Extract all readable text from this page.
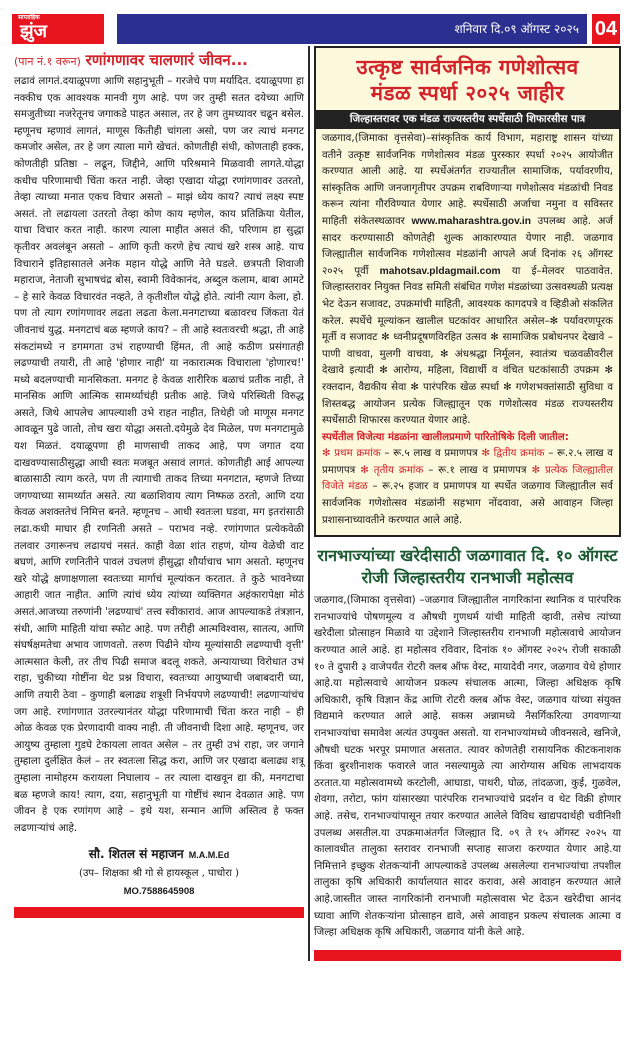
साप्ताहिक
झुंज	शनिवार दि.०९ ऑगस्ट २०२५ 04
(पान नं.१ वरून) रणांगणावर चालणारं जीवन...
लढावं लागतं.दयाळूपणा आणि सहानुभूती – गरजेचे पण मर्यादित. दयाळूपणा हा नक्कीच एक आवश्यक मानवी गुण आहे. पण जर तुम्ही सतत दयेच्या आणि समजुतीच्या नजरेतूनच जगाकडे पाहत असाल, तर हे जग तुमच्यावर चढून बसेल. म्हणूनच म्हणावं लागतं, माणूस कितीही चांगला असो, पण जर त्याचं मनगट कमजोर असेल, तर हे जग त्याला मागे खेचतं. कोणतीही संधी, कोणताही हक्क, कोणतीही प्रतिष्ठा – लढून, जिद्दीने, आणि परिश्रमाने मिळवावी लागते.योद्धा कधीच परिणामाची चिंता करत नाही. जेव्हा एखादा योद्धा रणांगणावर उतरतो, तेव्हा त्याच्या मनात एकच विचार असतो – माझं ध्येय काय? त्याचं लक्ष्य स्पष्ट असतं. तो लढायला उतरतो तेव्हा कोण काय म्हणेल, काय प्रतिक्रिया येतील, याचा विचार करत नाही. कारण त्याला माहीत असतं की, परिणाम हा सुद्धा कृतीवर अवलंबून असतो – आणि कृती करणे हेच त्याचं खरे शस्त्र आहे. याच विचाराने इतिहासातले अनेक महान योद्धे आणि नेते घडले. छत्रपती शिवाजी महाराज, नेताजी सुभाषचंद्र बोस, स्वामी विवेकानंद, अब्दुल कलाम, बाबा आमटे – हे सारे केवळ विचारवंत नव्हते, ते कृतीशील योद्धे होते. त्यांनी त्याग केला, हो. पण तो त्याग रणांगणावर लढता लढता केला.मनगटाच्या बळावरच जिंकता येतं जीवनाचं युद्ध. मनगटाचं बळ म्हणजे काय? – ती आहे स्वतःवरची श्रद्धा, ती आहे संकटांमध्ये न डगमगता उभं राहण्याची हिंमत, ती आहे कठीण प्रसंगातही लढण्याची तयारी, ती आहे 'होणार नाही' या नकारात्मक विचाराला 'होणारच!' मध्ये बदलण्याची मानसिकता. मनगट हे केवळ शारीरिक बळाचं प्रतीक नाही, ते मानसिक आणि आत्मिक सामर्थ्याचंही प्रतीक आहे. जिथे परिस्थिती विरुद्ध असते, जिथे आपलेच आपल्याशी उभे राहत नाहीत, तिथेही जो माणूस मनगट आवळून पुढे जातो, तोच खरा योद्धा असतो.दयेमुळे देव मिळेल, पण मनगटामुळे यश मिळतं. दयाळूपणा ही माणसाची ताकद आहे, पण जगात दया दाखवण्यासाठीसुद्धा आधी स्वतः मजबूत असावं लागतं. कोणतीही आई आपल्या बाळासाठी त्याग करते, पण ती त्यागाची ताकद तिच्या मनगटात, म्हणजे तिच्या जगण्याच्या सामर्थ्यात असते. त्या बळाशिवाय त्याग निष्फळ ठरतो, आणि दया केवळ अशक्ततेचं निमित्त बनते. म्हणूनच – आधी स्वतःला घडवा, मग इतरांसाठी लढा.कधी माघार ही रणनिती असते – पराभव नव्हे. रणांगणात प्रत्येकवेळी तलवार उगारूनच लढायचं नसतं. काही वेळा शांत राहणं, योग्य वेळेची वाट बघणं, आणि रणनितीने पावलं उचलणं हीसुद्धा शौर्याचाच भाग असतो. म्हणूनच खरे योद्धे क्षणाक्षणाला स्वतःच्या मार्गाचं मूल्यांकन करतात. ते कुठे भावनेच्या आहारी जात नाहीत. आणि त्यांचं ध्येय त्यांच्या व्यक्तिगत अहंकारापेक्षा मोठं असतं.आजच्या तरुणांनी 'लढण्याचं' तत्त्व स्वीकारावं. आज आपल्याकडे तंत्रज्ञान, संधी, आणि माहिती यांचा स्फोट आहे. पण तरीही आत्मविश्वास, सातत्य, आणि संघर्षक्षमतेचा अभाव जाणवतो. तरुण पिढीने योग्य मूल्यांसाठी लढण्याची वृत्ती' आत्मसात केली, तर तीच पिढी समाज बदलू शकते. अन्यायाच्या विरोधात उभं राहा, चुकीच्या गोष्टींना थेट प्रश्न विचारा, स्वतःच्या आयुष्याची जबाबदारी घ्या, आणि तयारी ठेवा – कुणाही बलाढ्य शत्रूशी निर्भयपणे लढण्याची! लढणाऱ्यांचंच जग आहे. रणांगणात उतरल्यानंतर योद्धा परिणामाची चिंता करत नाही – ही ओळ केवळ एक प्रेरणादायी वाक्य नाही. ती जीवनाची दिशा आहे. म्हणूनच, जर आयुष्य तुम्हाला गुडघे टेकायला लावत असेल – तर तुम्ही उभं राहा, जर जगाने तुम्हाला दुर्लक्षित केलं – तर स्वतःला सिद्ध करा, आणि जर एखादा बलाढ्य शत्रू तुम्हाला नामोहरम करायला निघालाय – तर त्याला दाखवून द्या की, मनगटाचा बळ म्हणजे काय! त्याग, दया, सहानुभूती या गोष्टींचं स्थान देवळात आहे. पण जीवन हे एक रणांगण आहे – इथे यश, सन्मान आणि अस्तित्व हे फक्त लढणाऱ्यांचं आहे.
सौ. शितल सं महाजन M.A.M.Ed
(उप– शिक्षका श्री गो से हायस्कूल , पाचोरा )
MO.7588645908
उत्कृष्ट सार्वजनिक गणेशोत्सव
मंडळ स्पर्धा २०२५ जाहीर
जिल्हास्तरावर एक मंडळ राज्यस्तरीय स्पर्धेसाठी शिफारसीस पात्र
जळगाव,(जिमाका वृत्तसेवा)–सांस्कृतिक कार्य विभाग, महाराष्ट्र शासन यांच्या वतीने उत्कृष्ट सार्वजनिक गणेशोत्सव मंडळ पुरस्कार स्पर्धा २०२५ आयोजीत करण्यात आली आहे. या स्पर्धेअंतर्गत राज्यातील सामाजिक, पर्यावरणीय, सांस्कृतिक आणि जनजागृतीपर उपक्रम राबविणाऱ्या गणेशोत्सव मंडळांची निवड करून त्यांना गौरविण्यात येणार आहे. स्पर्धेसाठी अर्जाचा नमुना व सविस्तर माहिती संकेतस्थळावर www.maharashtra.gov.in उपलब्ध आहे. अर्ज सादर करण्यासाठी कोणतेही शुल्क आकारण्यात येणार नाही. जळगाव जिल्ह्यातील सार्वजनिक गणेशोत्सव मंडळांनी आपले अर्ज दिनांक २६ ऑगस्ट २०२५ पूर्वी mahotsav.pldagmail.com या ई–मेलवर पाठवावेत. जिल्हास्तरावर नियुक्त निवड समिती संबंधित गणेश मंडळांच्या उत्सवस्थळी प्रत्यक्ष भेट देऊन सजावट, उपक्रमांची माहिती, आवश्यक कागदपत्रे व व्हिडीओ संकलित करेल. स्पर्धेचे मूल्यांकन खालील घटकांवर आधारित असेल–✻ पर्यावरणपूरक मूर्ती व सजावट ✻ ध्वनीप्रदूषणविरहित उत्सव ✻ सामाजिक प्रबोधनपर देखावे – पाणी वाचवा, मुलगी वाचवा, ✻ अंधश्रद्धा निर्मूलन, स्वातंत्र्य चळवळीवरील देखावे इत्यादी ✻ आरोग्य, महिला, विद्यार्थी व वंचित घटकांसाठी उपक्रम ✻ रक्तदान, वैद्यकीय सेवा ✻ पारंपरिक खेळ स्पर्धा ✻ गणेशभक्तांसाठी सुविधा व शिस्तबद्ध आयोजन प्रत्येक जिल्ह्यातून एक गणेशोत्सव मंडळ राज्यस्तरीय स्पर्धेसाठी शिफारस करण्यात येणार आहे.
स्पर्धेतील विजेत्या मंडळांना खालीलप्रमाणे पारितोषिके दिली जातील:
✻ प्रथम क्रमांक – रू.५ लाख व प्रमाणपत्र ✻ द्वितीय क्रमांक – रू.२.५ लाख व प्रमाणपत्र ✻ तृतीय क्रमांक – रू.१ लाख व प्रमाणपत्र ✻ प्रत्येक जिल्ह्यातील विजेते मंडळ – रू.२५ हजार व प्रमाणपत्र या स्पर्धेत जळगाव जिल्ह्यातील सर्व सार्वजनिक गणेशोत्सव मंडळांनी सहभाग नोंदवावा, असे आवाहन जिल्हा प्रशासनाच्यावतीने करण्यात आले आहे.
रानभाज्यांच्या खरेदीसाठी जळगावात दि. १० ऑगस्ट
रोजी जिल्हास्तरीय रानभाजी महोत्सव
जळगाव,(जिमाका वृत्तसेवा) –जळगाव जिल्ह्यातील नागरिकांना स्थानिक व पारंपरिक रानभाज्यांचे पोषणमूल्य व औषधी गुणधर्म यांची माहिती व्हावी, तसेच त्यांच्या खरेदीला प्रोत्साहन मिळावे या उद्देशाने जिल्हास्तरीय रानभाजी महोत्सवाचे आयोजन करण्यात आले आहे. हा महोत्सव रविवार, दिनांक १० ऑगस्ट २०२५ रोजी सकाळी १० ते दुपारी ३ वाजेपर्यंत रोटरी क्लब ऑफ वेस्ट, मायादेवी नगर, जळगाव येथे होणार आहे.या महोत्सवाचे आयोजन प्रकल्प संचालक आत्मा, जिल्हा अधिक्षक कृषि अधिकारी, कृषि विज्ञान केंद्र आणि रोटरी क्लब ऑफ वेस्ट, जळगाव यांच्या संयुक्त विद्यमाने करण्यात आले आहे. सकस अन्नामध्ये नैसर्गिकरित्या उगवणाऱ्या रानभाज्यांचा समावेश अत्यंत उपयुक्त असतो. या रानभाज्यांमध्ये जीवनसत्वे, खनिजे, औषधी घटक भरपूर प्रमाणात असतात. त्यावर कोणतेही रासायनिक कीटकनाशक किंवा बुरशीनाशक फवारले जात नसल्यामुळे त्या आरोग्यास अधिक लाभदायक ठरतात.या महोत्सवामध्ये करटोली, आघाडा, पाथरी, घोळ, तांदळजा, कुई, गुळवेल, शेवगा, तरोटा, फांग यांसारख्या पारंपरिक रानभाज्यांचे प्रदर्शन व थेट विक्री होणार आहे. तसेच, रानभाज्यांपासून तयार करण्यात आलेले विविध खाद्यपदार्थही चवीनिशी उपलब्ध असतील.या उपक्रमाअंतर्गत जिल्ह्यात दि. ०९ ते १५ ऑगस्ट २०२५ या कालावधीत तालुका स्तरावर रानभाजी सप्ताह साजरा करण्यात येणार आहे.या निमित्ताने इच्छुक शेतकऱ्यांनी आपल्याकडे उपलब्ध असलेल्या रानभाज्यांचा तपशील तालुका कृषि अधिकारी कार्यालयात सादर करावा, असे आवाहन करण्यात आले आहे.जास्तीत जास्त नागरिकांनी रानभाजी महोत्सवास भेट देऊन खरेदीचा आनंद घ्यावा आणि शेतकऱ्यांना प्रोत्साहन द्यावे, असे आवाहन प्रकल्प संचालक आत्मा व जिल्हा अधिक्षक कृषि अधिकारी, जळगाव यांनी केले आहे.
